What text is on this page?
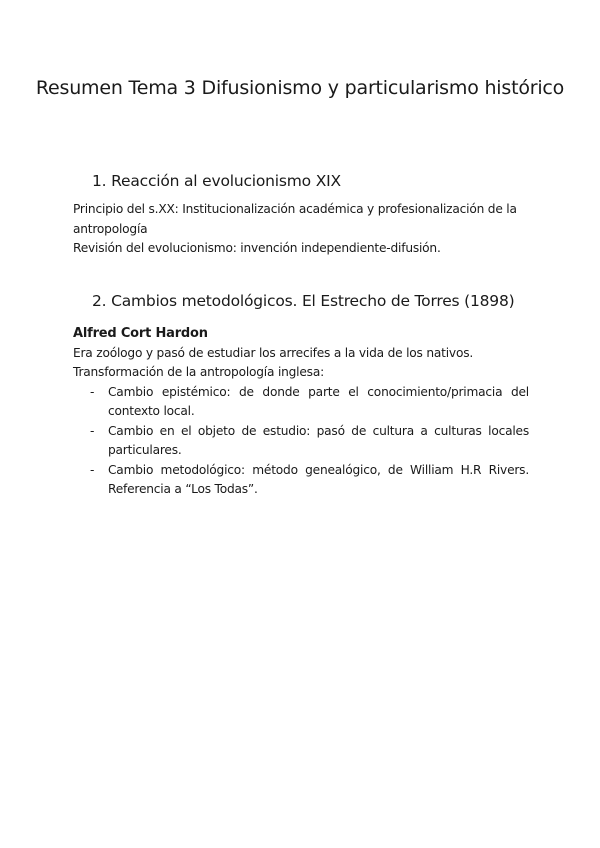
Resumen Tema 3 Difusionismo y particularismo histórico
1. Reacción al evolucionismo XIX

Principio del s.XX: Institucionalización académica y profesionalización de la antropología

Revisión del evolucionismo: invención independiente-difusión.

2. Cambios metodológicos. El Estrecho de Torres (1898)

Alfred Cort Hardon

Era zoólogo y pasó de estudiar los arrecifes a la vida de los nativos.

Transformación de la antropología inglesa:

- Cambio epistémico: de donde parte el conocimiento/primacia del contexto local.
- Cambio en el objeto de estudio: pasó de cultura a culturas locales particulares.
- Cambio metodológico: método genealógico, de William H.R Rivers. Referencia a “Los Todas”.
